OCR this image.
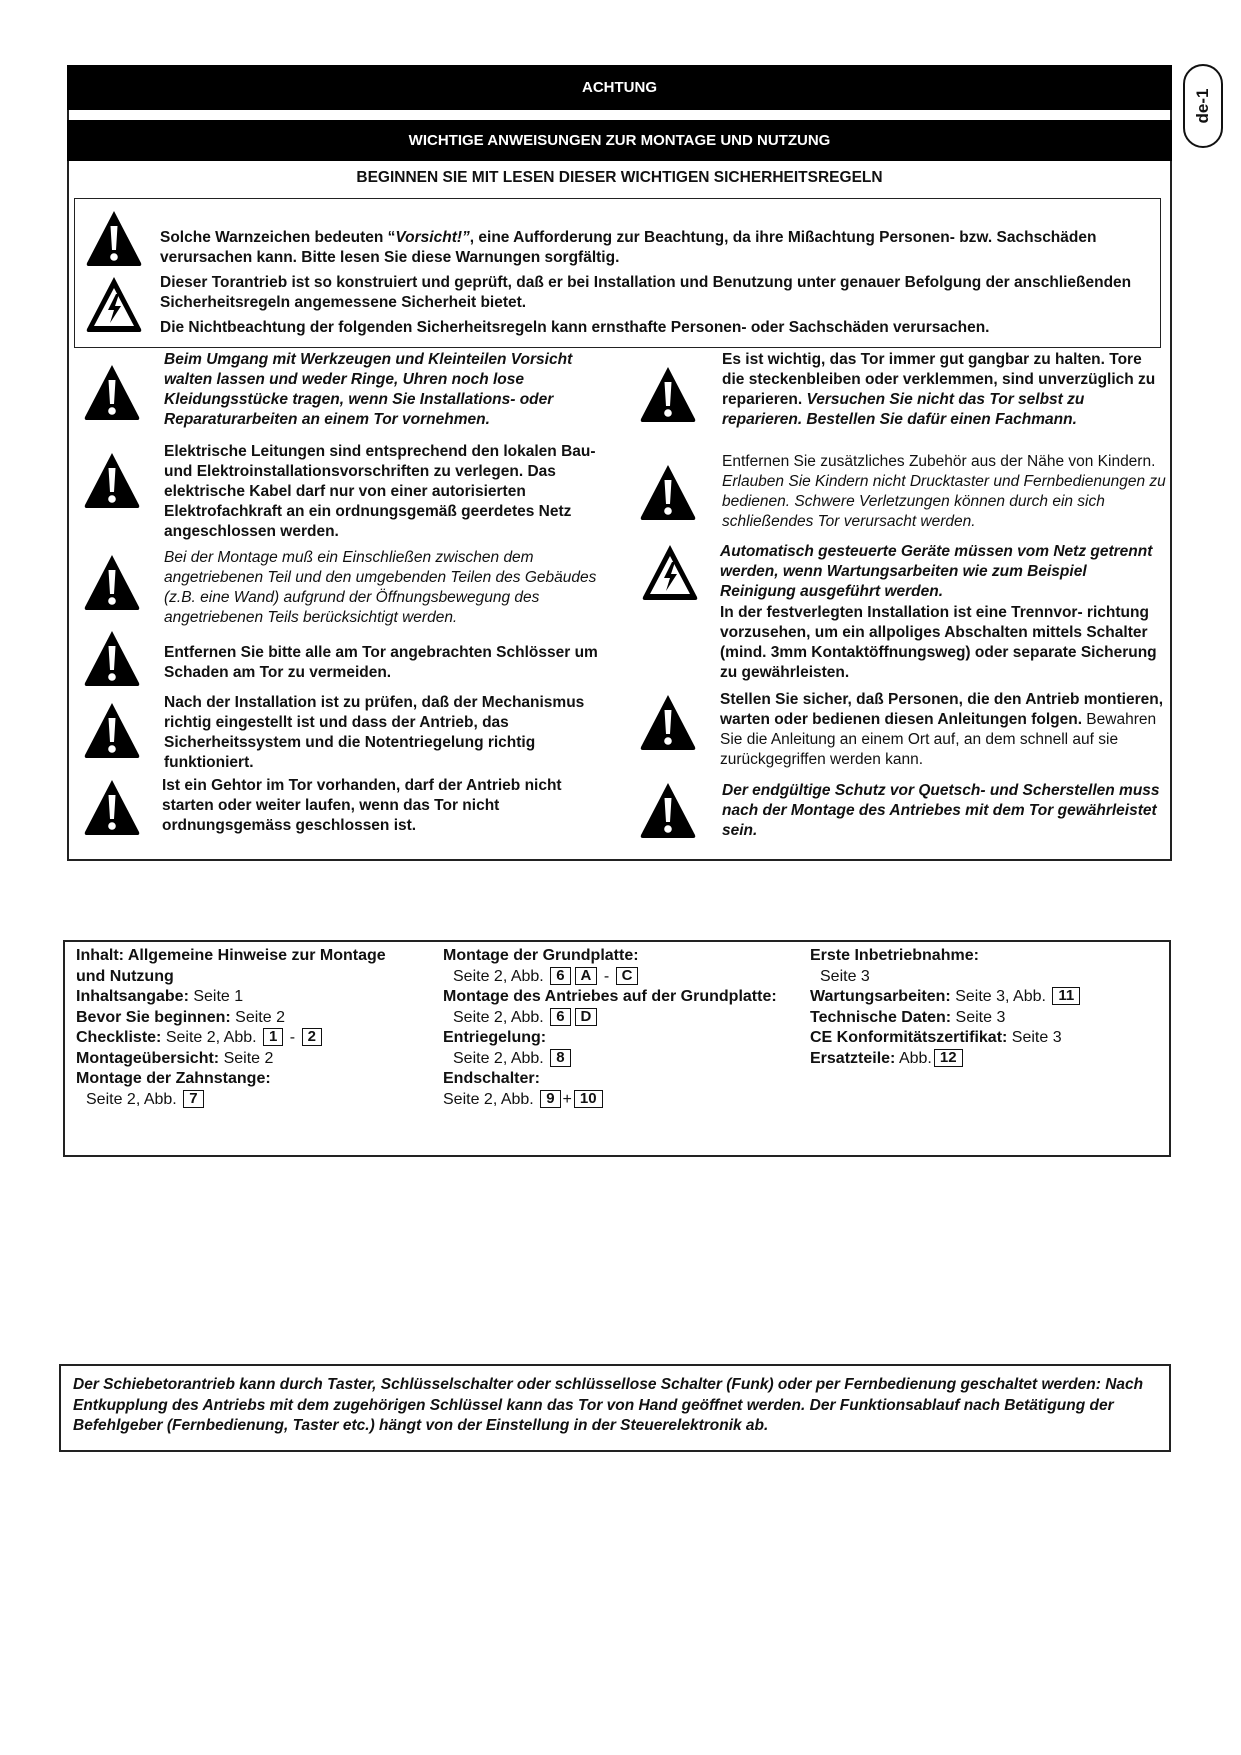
de-1
ACHTUNG
WICHTIGE ANWEISUNGEN ZUR MONTAGE UND NUTZUNG
BEGINNEN SIE MIT LESEN DIESER WICHTIGEN SICHERHEITSREGELN
Solche Warnzeichen bedeuten “Vorsicht!”, eine Aufforderung zur Beachtung, da ihre Mißachtung Personen- bzw. Sachschäden verursachen kann. Bitte lesen Sie diese Warnungen sorgfältig.
Dieser Torantrieb ist so konstruiert und geprüft, daß er bei Installation und Benutzung unter genauer Befolgung der anschließenden Sicherheitsregeln angemessene Sicherheit bietet.
Die Nichtbeachtung der folgenden Sicherheitsregeln kann ernsthafte Personen- oder Sachschäden verursachen.
Beim Umgang mit Werkzeugen und Kleinteilen Vorsicht walten lassen und weder Ringe, Uhren noch lose Kleidungsstücke tragen, wenn Sie Installations- oder Reparaturarbeiten an einem Tor vornehmen.
Elektrische Leitungen sind entsprechend den lokalen Bau- und Elektroinstallationsvorschriften zu verlegen. Das elektrische Kabel darf nur von einer autorisierten Elektrofachkraft an ein ordnungsgemäß geerdetes Netz angeschlossen werden.
Bei der Montage muß ein Einschließen zwischen dem angetriebenen Teil und den umgebenden Teilen des Gebäudes (z.B. eine Wand) aufgrund der Öffnungsbewegung des angetriebenen Teils berücksichtigt werden.
Entfernen Sie bitte alle am Tor angebrachten Schlösser um Schaden am Tor zu vermeiden.
Nach der Installation ist zu prüfen, daß der Mechanismus richtig eingestellt ist und dass der Antrieb, das Sicherheitssystem und die Notentriegelung richtig funktioniert.
Ist ein Gehtor im Tor vorhanden, darf der Antrieb nicht starten oder weiter laufen, wenn das Tor nicht ordnungsgemäss geschlossen ist.
Es ist wichtig, das Tor immer gut gangbar zu halten. Tore die steckenbleiben oder verklemmen, sind unverzüglich zu reparieren. Versuchen Sie nicht das Tor selbst zu reparieren. Bestellen Sie dafür einen Fachmann.
Entfernen Sie zusätzliches Zubehör aus der Nähe von Kindern. Erlauben Sie Kindern nicht Drucktaster und Fernbedienungen zu bedienen. Schwere Verletzungen können durch ein sich schließendes Tor verursacht werden.
Automatisch gesteuerte Geräte müssen vom Netz getrennt werden, wenn Wartungsarbeiten wie zum Beispiel Reinigung ausgeführt werden.
In der festverlegten Installation ist eine Trennvor- richtung vorzusehen, um ein allpoliges Abschalten mittels Schalter (mind. 3mm Kontaktöffnungsweg) oder separate Sicherung zu gewährleisten.
Stellen Sie sicher, daß Personen, die den Antrieb montieren, warten oder bedienen diesen Anleitungen folgen. Bewahren Sie die Anleitung an einem Ort auf, an dem schnell auf sie zurückgegriffen werden kann.
Der endgültige Schutz vor Quetsch- und Scherstellen muss nach der Montage des Antriebes mit dem Tor gewährleistet sein.
Inhalt: Allgemeine Hinweise zur Montage
und Nutzung
Inhaltsangabe: Seite 1
Bevor Sie beginnen: Seite 2
Checkliste: Seite 2, Abb. 1 - 2
Montageübersicht: Seite 2
Montage der Zahnstange:
Seite 2, Abb. 7
Montage der Grundplatte:
Seite 2, Abb. 6 A - C
Montage des Antriebes auf der Grundplatte:
Seite 2, Abb. 6 D
Entriegelung:
Seite 2, Abb. 8
Endschalter:
Seite 2, Abb. 9 + 10
Erste Inbetriebnahme:
Seite 3
Wartungsarbeiten: Seite 3, Abb. 11
Technische Daten: Seite 3
CE Konformitätszertifikat: Seite 3
Ersatzteile: Abb. 12
Der Schiebetorantrieb kann durch Taster, Schlüsselschalter oder schlüssellose Schalter (Funk) oder per Fernbedienung geschaltet werden: Nach Entkupplung des Antriebs mit dem zugehörigen Schlüssel kann das Tor von Hand geöffnet werden. Der Funktionsablauf nach Betätigung der Befehlgeber (Fernbedienung, Taster etc.) hängt von der Einstellung in der Steuerelektronik ab.
